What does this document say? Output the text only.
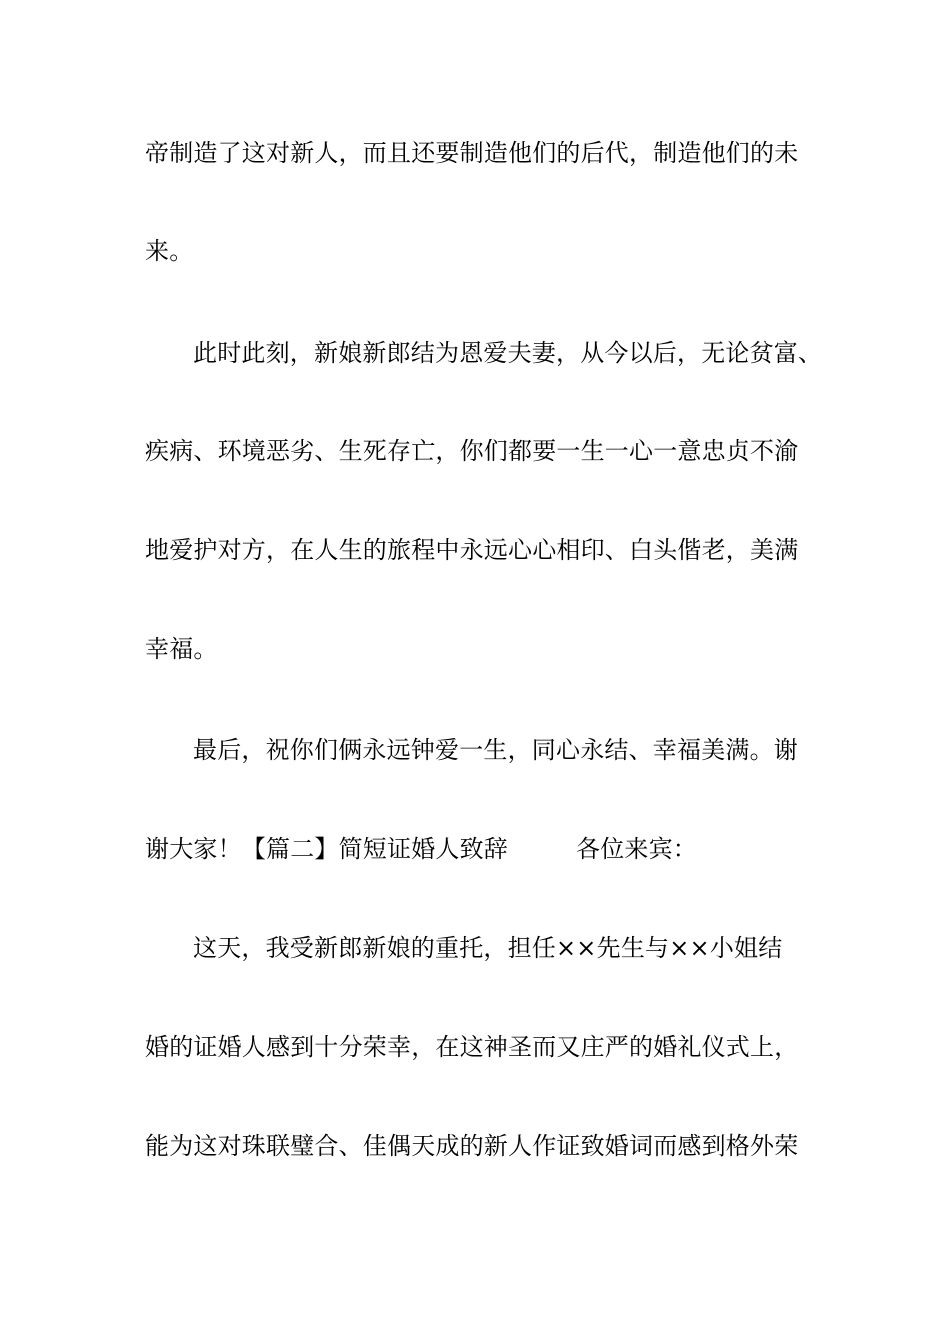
帝制造了这对新人，而且还要制造他们的后代，制造他们的未
来。
此时此刻，新娘新郎结为恩爱夫妻，从今以后，无论贫富、
疾病、环境恶劣、生死存亡，你们都要一生一心一意忠贞不渝
地爱护对方，在人生的旅程中永远心心相印、白头偕老，美满
幸福。
最后，祝你们俩永远钟爱一生，同心永结、幸福美满。谢
谢大家！【篇二】简短证婚人致辞	各位来宾：
这天，我受新郎新娘的重托，担任××先生与××小姐结
婚的证婚人感到十分荣幸，在这神圣而又庄严的婚礼仪式上，
能为这对珠联璧合、佳偶天成的新人作证致婚词而感到格外荣
